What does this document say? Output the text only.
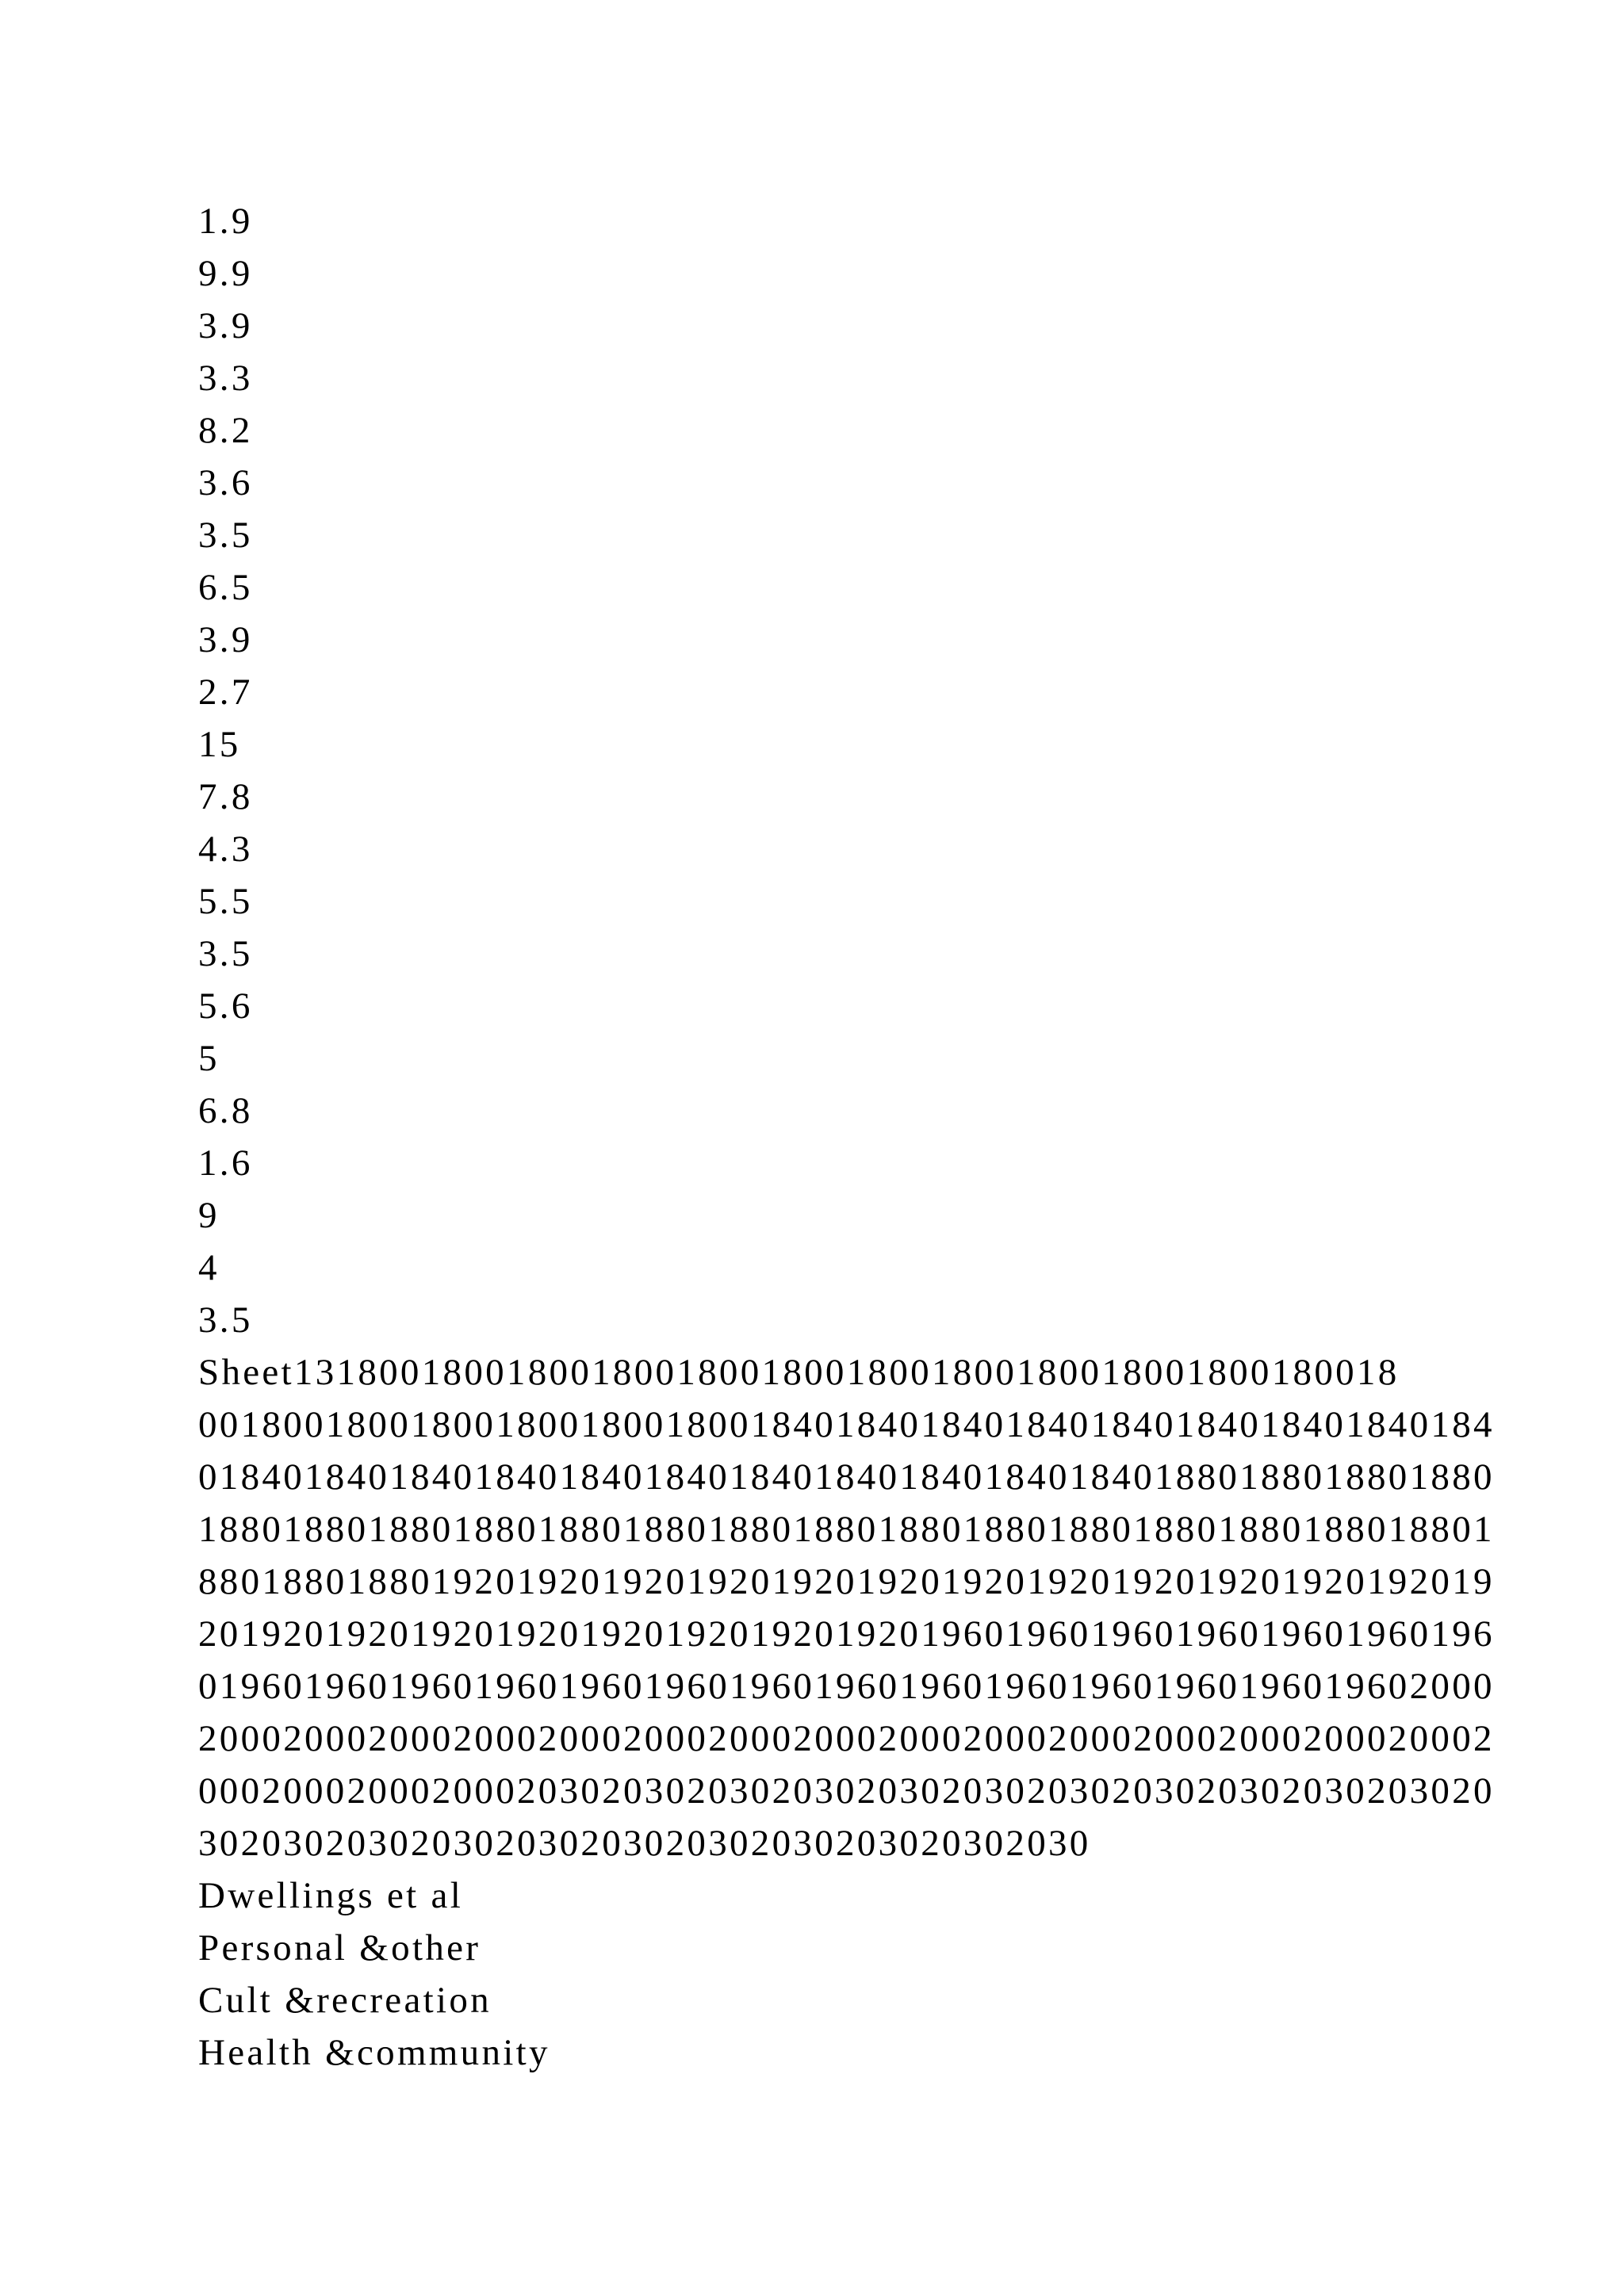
1.9
9.9
3.9
3.3
8.2
3.6
3.5
6.5
3.9
2.7
15
7.8
4.3
5.5
3.5
5.6
5
6.8
1.6
9
4
3.5
Sheet1318001800180018001800180018001800180018001800180018
0018001800180018001800180018401840184018401840184018401840184
0184018401840184018401840184018401840184018401880188018801880
1880188018801880188018801880188018801880188018801880188018801
8801880188019201920192019201920192019201920192019201920192019
2019201920192019201920192019201920196019601960196019601960196
0196019601960196019601960196019601960196019601960196019602000
2000200020002000200020002000200020002000200020002000200020002
0002000200020002030203020302030203020302030203020302030203020
302030203020302030203020302030203020302030
Dwellings et al
Personal &other
Cult &recreation
Health &community
